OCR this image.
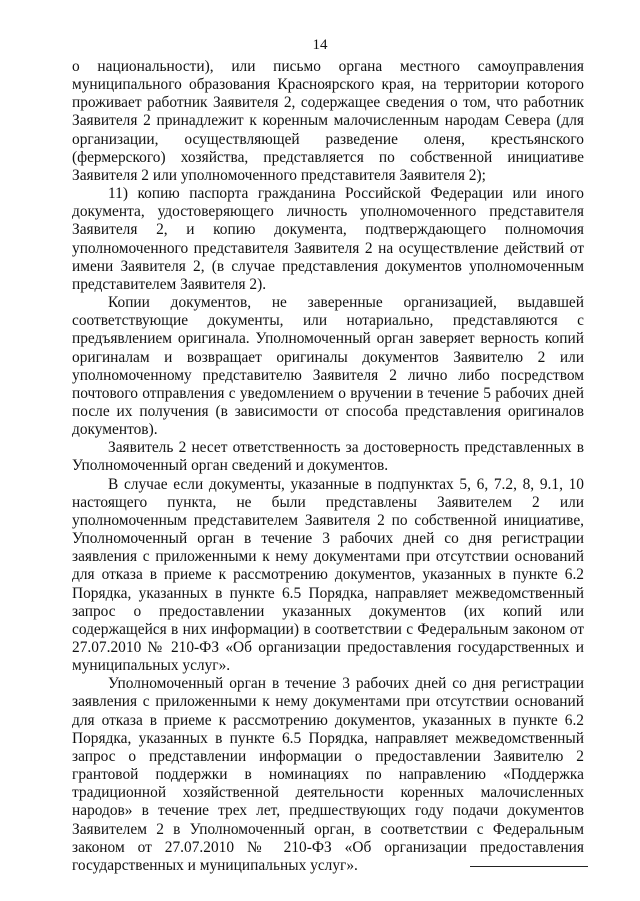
14

о национальности), или письмо органа местного самоуправления муниципального образования Красноярского края, на территории которого проживает работник Заявителя 2, содержащее сведения о том, что работник Заявителя 2 принадлежит к коренным малочисленным народам Севера (для организации, осуществляющей разведение оленя, крестьянского (фермерского) хозяйства, представляется по собственной инициативе Заявителя 2 или уполномоченного представителя Заявителя 2);

11) копию паспорта гражданина Российской Федерации или иного документа, удостоверяющего личность уполномоченного представителя Заявителя 2, и копию документа, подтверждающего полномочия уполномоченного представителя Заявителя 2 на осуществление действий от имени Заявителя 2, (в случае представления документов уполномоченным представителем Заявителя 2).

Копии документов, не заверенные организацией, выдавшей соответствующие документы, или нотариально, представляются с предъявлением оригинала. Уполномоченный орган заверяет верность копий оригиналам и возвращает оригиналы документов Заявителю 2 или уполномоченному представителю Заявителя 2 лично либо посредством почтового отправления с уведомлением о вручении в течение 5 рабочих дней после их получения (в зависимости от способа представления оригиналов документов).

Заявитель 2 несет ответственность за достоверность представленных в Уполномоченный орган сведений и документов.

В случае если документы, указанные в подпунктах 5, 6, 7.2, 8, 9.1, 10 настоящего пункта, не были представлены Заявителем 2 или уполномоченным представителем Заявителя 2 по собственной инициативе, Уполномоченный орган в течение 3 рабочих дней со дня регистрации заявления с приложенными к нему документами при отсутствии оснований для отказа в приеме к рассмотрению документов, указанных в пункте 6.2 Порядка, указанных в пункте 6.5 Порядка, направляет межведомственный запрос о предоставлении указанных документов (их копий или содержащейся в них информации) в соответствии с Федеральным законом от 27.07.2010 № 210-ФЗ «Об организации предоставления государственных и муниципальных услуг».

Уполномоченный орган в течение 3 рабочих дней со дня регистрации заявления с приложенными к нему документами при отсутствии оснований для отказа в приеме к рассмотрению документов, указанных в пункте 6.2 Порядка, указанных в пункте 6.5 Порядка, направляет межведомственный запрос о представлении информации о предоставлении Заявителю 2 грантовой поддержки в номинациях по направлению «Поддержка традиционной хозяйственной деятельности коренных малочисленных народов» в течение трех лет, предшествующих году подачи документов Заявителем 2 в Уполномоченный орган, в соответствии с Федеральным законом от 27.07.2010 № 210-ФЗ «Об организации предоставления государственных и муниципальных услуг».
